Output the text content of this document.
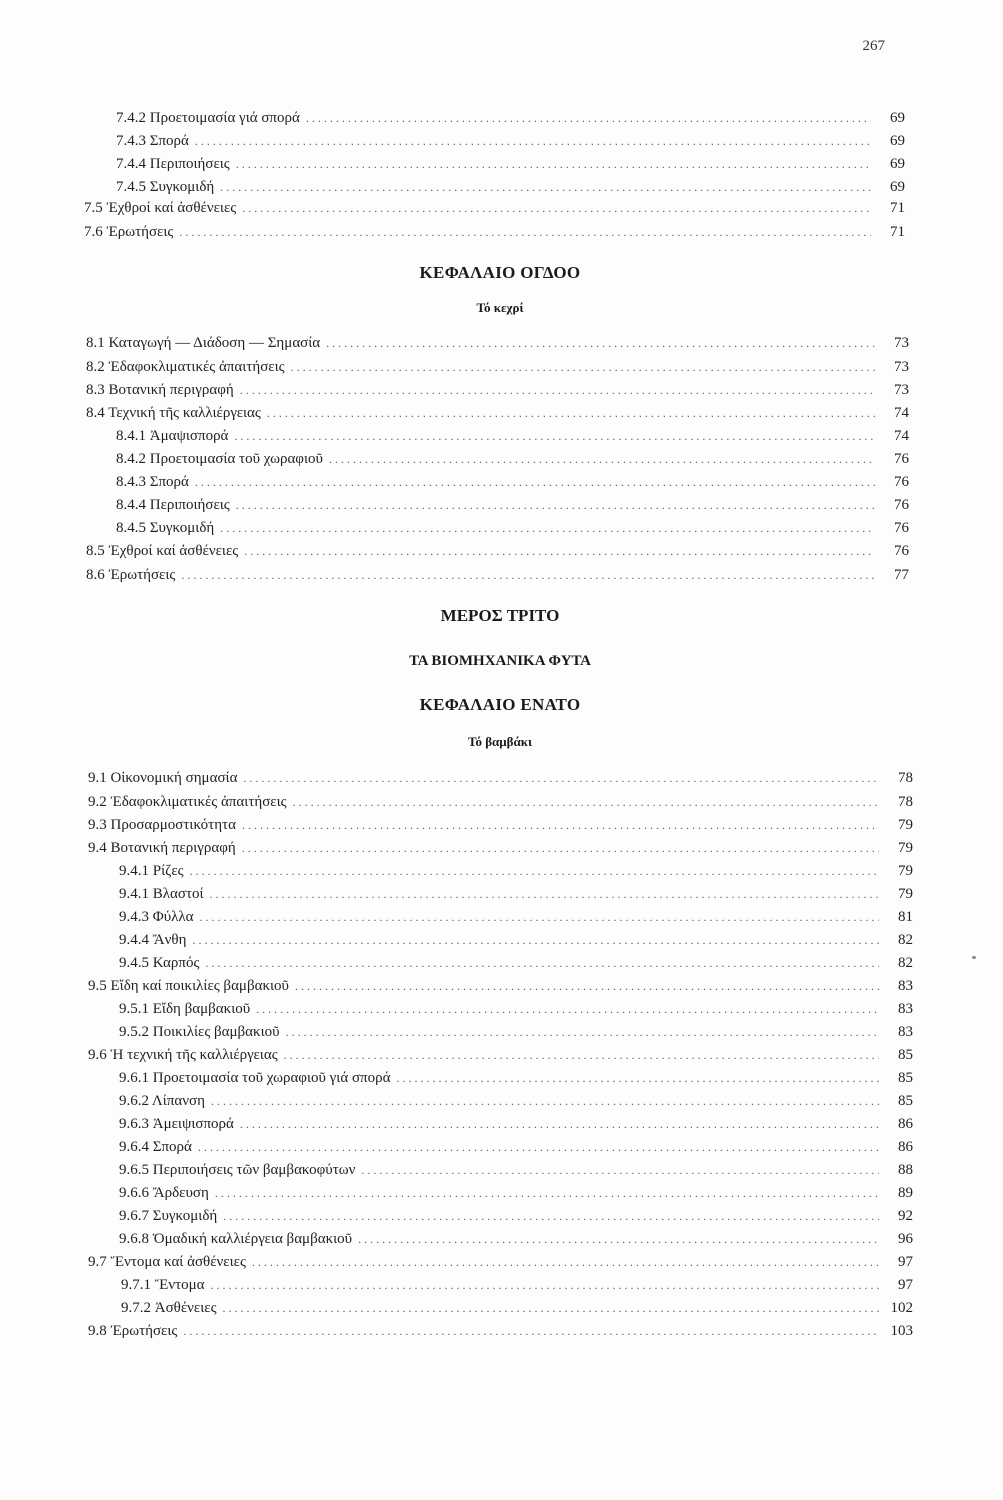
267
7.4.2 Προετοιμασία γιά σπορά .....	69
7.4.3 Σπορά .....	69
7.4.4 Περιποιήσεις .....	69
7.4.5 Συγκομιδή .....	69
7.5 Ἐχθροί καί ἀσθένειες .....	71
7.6 Ἐρωτήσεις .....	71
ΚΕΦΑΛΑΙΟ ΟΓΔΟΟ
Τό κεχρί
8.1 Καταγωγή — Διάδοση — Σημασία .....	73
8.2 Ἐδαφοκλιματικές ἀπαιτήσεις .....	73
8.3 Βοτανική περιγραφή .....	73
8.4 Τεχνική τῆς καλλιέργειας .....	74
8.4.1 Ἀμαψισπορά .....	74
8.4.2 Προετοιμασία τοῦ χωραφιοῦ .....	76
8.4.3 Σπορά .....	76
8.4.4 Περιποιήσεις .....	76
8.4.5 Συγκομιδή .....	76
8.5 Ἐχθροί καί ἀσθένειες .....	76
8.6 Ἐρωτήσεις .....	77
ΜΕΡΟΣ ΤΡΙΤΟ
ΤΑ ΒΙΟΜΗΧΑΝΙΚΑ ΦΥΤΑ
ΚΕΦΑΛΑΙΟ ΕΝΑΤΟ
Τό βαμβάκι
9.1 Οἰκονομική σημασία .....	78
9.2 Ἐδαφοκλιματικές ἀπαιτήσεις .....	78
9.3 Προσαρμοστικότητα .....	79
9.4 Βοτανική περιγραφή .....	79
9.4.1 Ρίζες .....	79
9.4.1 Βλαστοί .....	79
9.4.3 Φύλλα .....	81
9.4.4 Ἄνθη .....	82
9.4.5 Καρπός .....	82
9.5 Εἴδη καί ποικιλίες βαμβακιοῦ .....	83
9.5.1 Εἴδη βαμβακιοῦ .....	83
9.5.2 Ποικιλίες βαμβακιοῦ .....	83
9.6 Ἡ τεχνική τῆς καλλιέργειας .....	85
9.6.1 Προετοιμασία τοῦ χωραφιοῦ γιά σπορά .....	85
9.6.2 Λίπανση .....	85
9.6.3 Ἀμειψισπορά .....	86
9.6.4 Σπορά .....	86
9.6.5 Περιποιήσεις τῶν βαμβακοφύτων .....	88
9.6.6 Ἄρδευση .....	89
9.6.7 Συγκομιδή .....	92
9.6.8 Ὁμαδική καλλιέργεια βαμβακιοῦ .....	96
9.7 Ἔντομα καί ἀσθένειες .....	97
9.7.1 Ἔντομα .....	97
9.7.2 Ἀσθένειες .....	102
9.8 Ἐρωτήσεις .....	103
